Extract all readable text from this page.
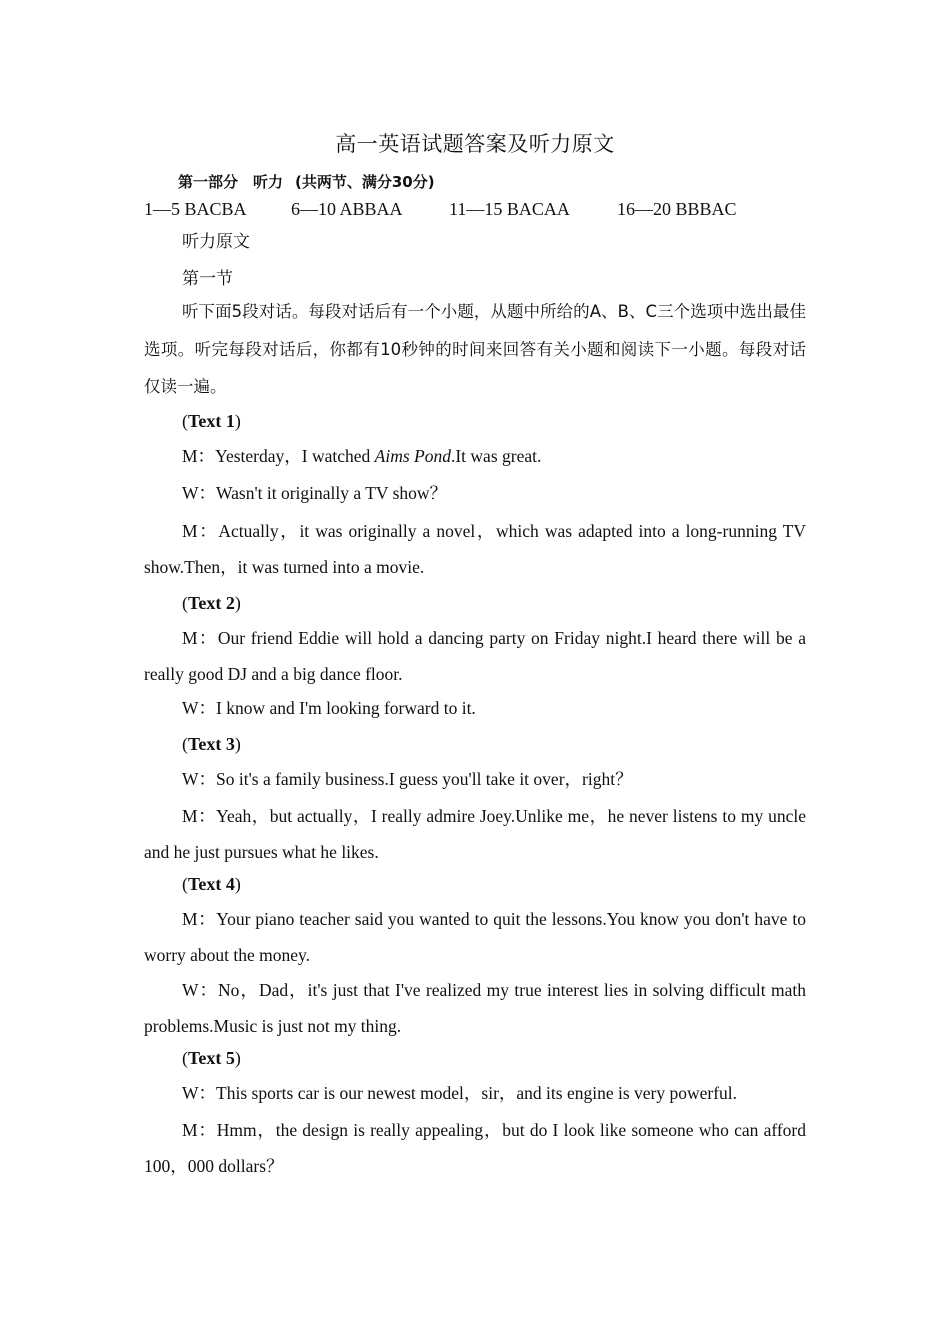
高一英语试题答案及听力原文
第一部分　听力 (共两节、满分30分)
1—5 BACBA 6—10 ABBAA	11—15 BACAA	16—20 BBBAC
听力原文
第一节
听下面5段对话。每段对话后有一个小题，从题中所给的A、B、C三个选项中选出最佳选项。听完每段对话后，你都有10秒钟的时间来回答有关小题和阅读下一小题。每段对话仅读一遍。
(Text 1)
M：Yesterday，I watched Aims Pond.It was great.
W：Wasn't it originally a TV show？
M：Actually，it was originally a novel，which was adapted into a long-running TV show.Then，it was turned into a movie.
(Text 2)
M：Our friend Eddie will hold a dancing party on Friday night.I heard there will be a really good DJ and a big dance floor.
W：I know and I'm looking forward to it.
(Text 3)
W：So it's a family business.I guess you'll take it over，right？
M：Yeah，but actually，I really admire Joey.Unlike me，he never listens to my uncle and he just pursues what he likes.
(Text 4)
M：Your piano teacher said you wanted to quit the lessons.You know you don't have to worry about the money.
W：No，Dad，it's just that I've realized my true interest lies in solving difficult math problems.Music is just not my thing.
(Text 5)
W：This sports car is our newest model，sir，and its engine is very powerful.
M：Hmm，the design is really appealing，but do I look like someone who can afford 100，000 dollars？
